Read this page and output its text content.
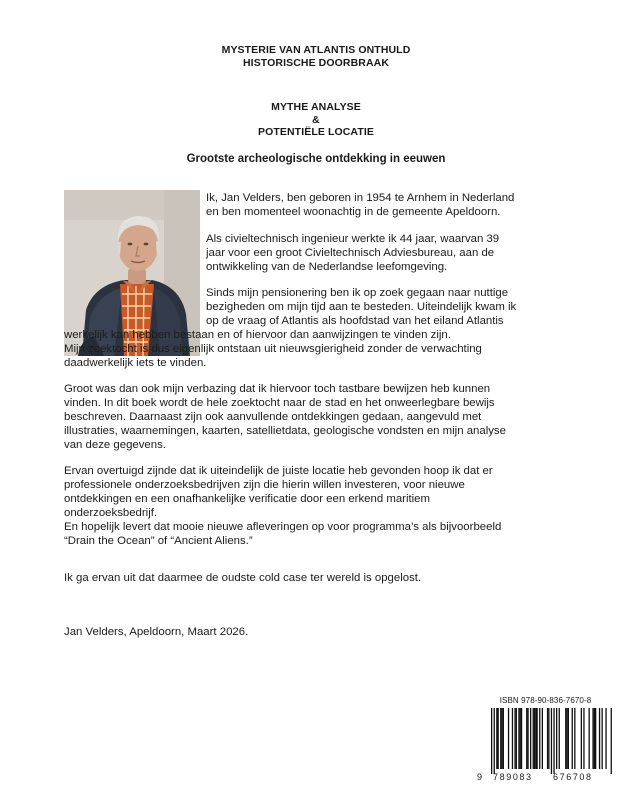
MYSTERIE VAN ATLANTIS ONTHULD
HISTORISCHE DOORBRAAK
MYTHE ANALYSE
&
POTENTIËLE LOCATIE
Grootste archeologische ontdekking in eeuwen
Ik, Jan Velders, ben geboren in 1954 te Arnhem in Nederland
en ben momenteel woonachtig in de gemeente Apeldoorn.
Als civieltechnisch ingenieur werkte ik 44 jaar, waarvan 39
jaar voor een groot Civieltechnisch Adviesbureau, aan de
ontwikkeling van de Nederlandse leefomgeving.
Sinds mijn pensionering ben ik op zoek gegaan naar nuttige
bezigheden om mijn tijd aan te besteden. Uiteindelijk kwam ik
op de vraag of Atlantis als hoofdstad van het eiland Atlantis
werkelijk kan hebben bestaan en of hiervoor dan aanwijzingen te vinden zijn.
Mijn zoektocht is dus eigenlijk ontstaan uit nieuwsgierigheid zonder de verwachting
daadwerkelijk iets te vinden.
Groot was dan ook mijn verbazing dat ik hiervoor toch tastbare bewijzen heb kunnen
vinden. In dit boek wordt de hele zoektocht naar de stad en het onweerlegbare bewijs
beschreven. Daarnaast zijn ook aanvullende ontdekkingen gedaan, aangevuld met
illustraties, waarnemingen, kaarten, satellietdata, geologische vondsten en mijn analyse
van deze gegevens.
Ervan overtuigd zijnde dat ik uiteindelijk de juiste locatie heb gevonden hoop ik dat er
professionele onderzoeksbedrijven zijn die hierin willen investeren, voor nieuwe
ontdekkingen en een onafhankelijke verificatie door een erkend maritiem
onderzoeksbedrijf.
En hopelijk levert dat mooie nieuwe afleveringen op voor programma’s als bijvoorbeeld
“Drain the Ocean” of “Ancient Aliens.”
Ik ga ervan uit dat daarmee de oudste cold case ter wereld is opgelost.
Jan Velders, Apeldoorn, Maart 2026.
ISBN 978-90-836-7670-8
9 789083 676708
